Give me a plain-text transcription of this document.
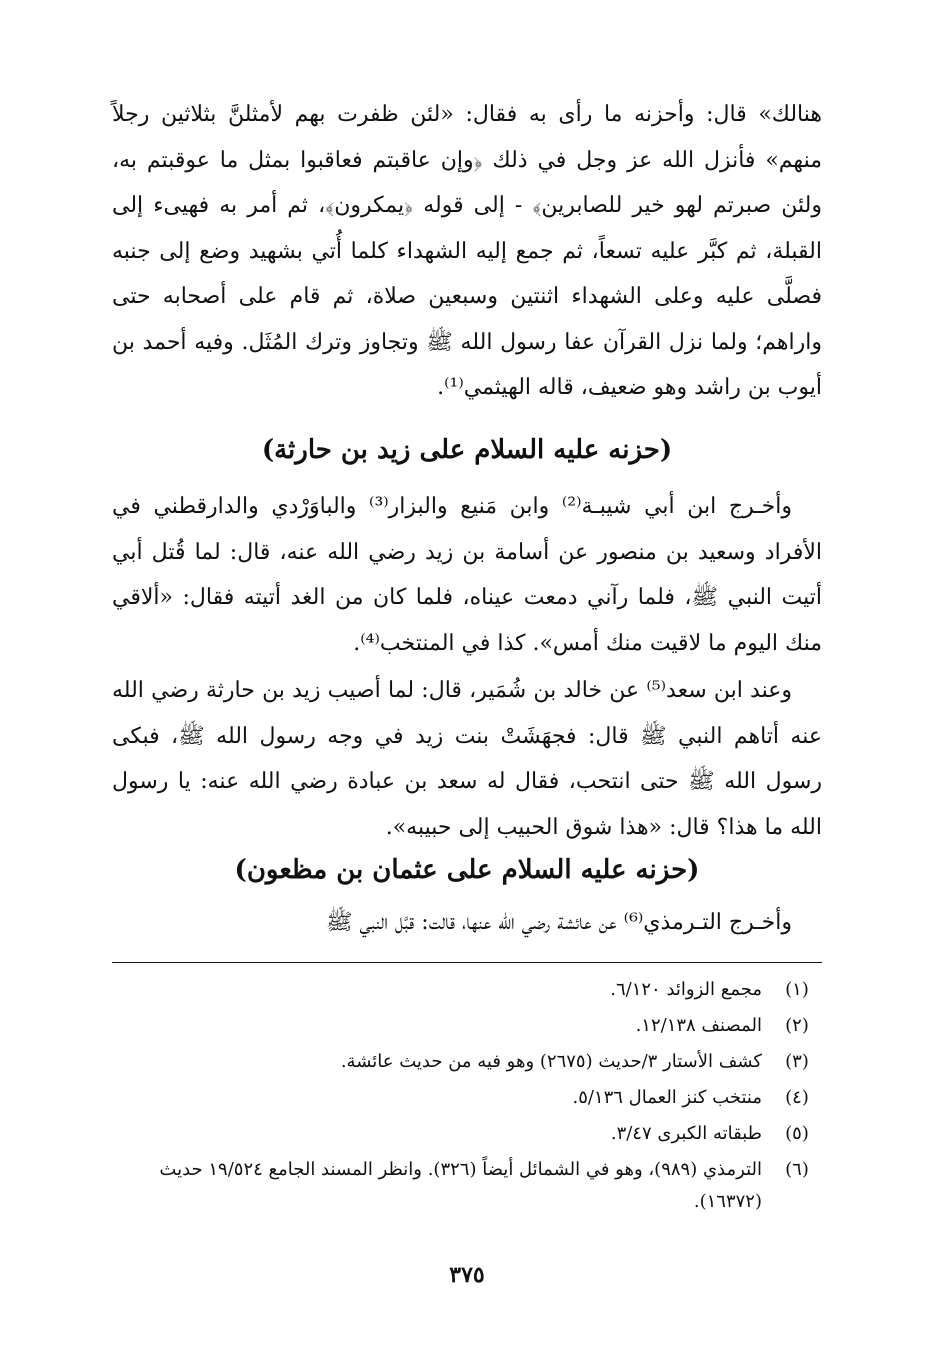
هنالك» قال: وأحزنه ما رأى به فقال: «لئن ظفرت بهم لأمثلنَّ بثلاثين رجلاً منهم» فأنزل الله عز وجل في ذلك ﴿وإن عاقبتم فعاقبوا بمثل ما عوقبتم به، ولئن صبرتم لهو خير للصابرين﴾ - إلى قوله ﴿يمكرون﴾، ثم أمر به فهيىء إلى القبلة، ثم كبَّر عليه تسعاً، ثم جمع إليه الشهداء كلما أُتي بشهيد وضع إلى جنبه فصلَّى عليه وعلى الشهداء اثنتين وسبعين صلاة، ثم قام على أصحابه حتى واراهم؛ ولما نزل القرآن عفا رسول الله ﷺ وتجاوز وترك المُثَل. وفيه أحمد بن أيوب بن راشد وهو ضعيف، قاله الهيثمي⁽¹⁾.

(حزنه عليه السلام على زيد بن حارثة)

وأخـرج ابن أبي شيبـة⁽²⁾ وابن مَنيع والبزار⁽³⁾ والباوَرْدي والدارقطني في الأفراد وسعيد بن منصور عن أسامة بن زيد رضي الله عنه، قال: لما قُتل أبي أتيت النبي ﷺ، فلما رآني دمعت عيناه، فلما كان من الغد أتيته فقال: «ألاقي منك اليوم ما لاقيت منك أمس». كذا في المنتخب⁽⁴⁾.

وعند ابن سعد⁽⁵⁾ عن خالد بن شُمَير، قال: لما أصيب زيد بن حارثة رضي الله عنه أتاهم النبي ﷺ قال: فجهَشَتْ بنت زيد في وجه رسول الله ﷺ، فبكى رسول الله ﷺ حتى انتحب، فقال له سعد بن عبادة رضي الله عنه: يا رسول الله ما هذا؟ قال: «هذا شوق الحبيب إلى حبيبه».

(حزنه عليه السلام على عثمان بن مظعون)

وأخـرج التـرمذي⁽⁶⁾ عن عائشة رضي الله عنها، قالت: قبَّل النبي ﷺ

(١)
مجمع الزوائد ٦/١٢٠.
(٢)
المصنف ١٢/١٣٨.
(٣)
كشف الأستار ٣/حديث (٢٦٧٥) وهو فيه من حديث عائشة.
(٤)
منتخب كنز العمال ٥/١٣٦.
(٥)
طبقاته الكبرى ٣/٤٧.
(٦)
الترمذي (٩٨٩)، وهو في الشمائل أيضاً (٣٢٦). وانظر المسند الجامع ١٩/٥٢٤ حديث (١٦٣٧٢).
٣٧٥
